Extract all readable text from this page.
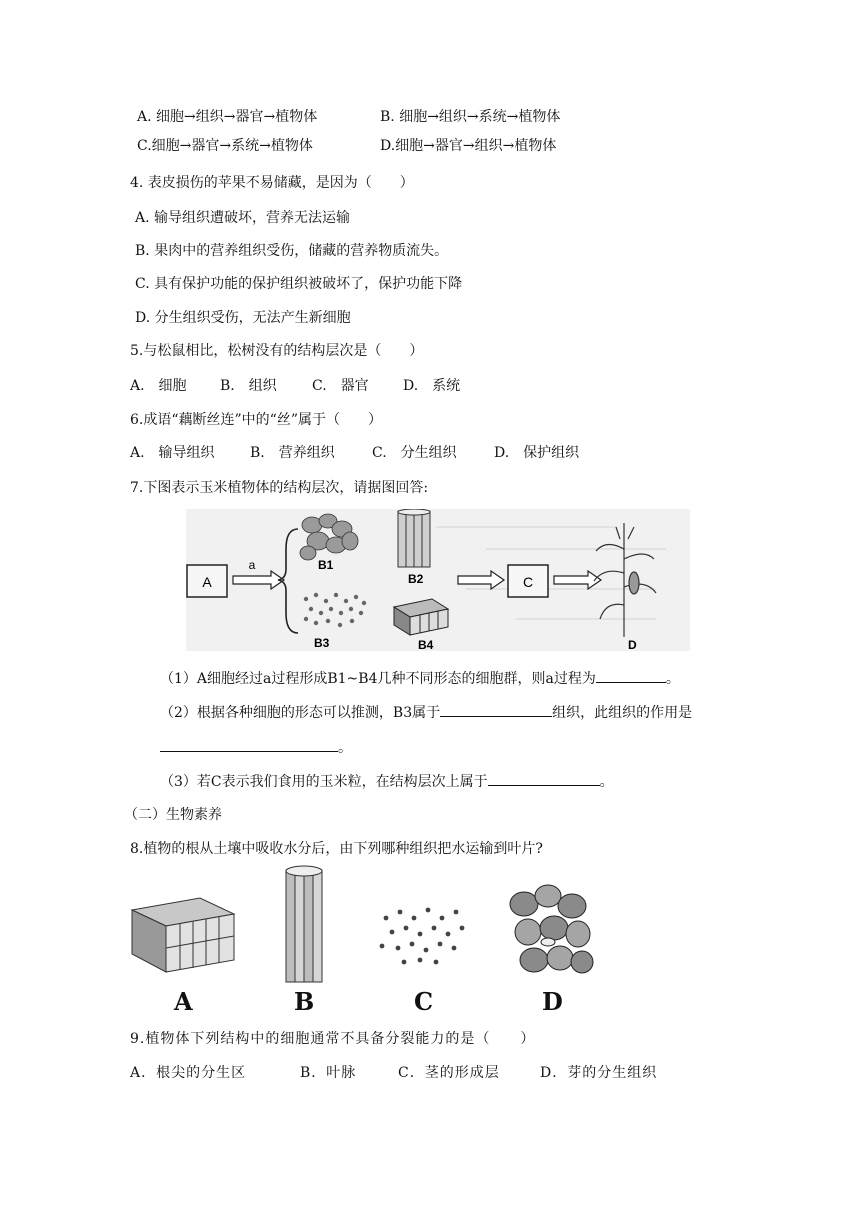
A. 细胞→组织→器官→植物体	B. 细胞→组织→系统→植物体
C.细胞→器官→系统→植物体	D.细胞→器官→组织→植物体
4. 表皮损伤的苹果不易储藏，是因为（　　）
A. 输导组织遭破坏，营养无法运输
B. 果肉中的营养组织受伤，储藏的营养物质流失。
C. 具有保护功能的保护组织被破坏了，保护功能下降
D. 分生组织受伤，无法产生新细胞
5.与松鼠相比，松树没有的结构层次是（　　）
A.　细胞 B.　组织	C.　器官 D.　系统
6.成语“藕断丝连”中的“丝”属于（　　）
A.　输导组织	B.　营养组织	C.　分生组织	D.　保护组织
7.下图表示玉米植物体的结构层次，请据图回答:
A
a	B1
B2
B3	B4
C
D
（1）A细胞经过a过程形成B1~B4几种不同形态的细胞群，则a过程为	。
（2）根据各种细胞的形态可以推测，B3属于	组织，此组织的作用是
。
（3）若C表示我们食用的玉米粒，在结构层次上属于	。
（二）生物素养
8.植物的根从土壤中吸收水分后，由下列哪种组织把水运输到叶片?
A	B	C	D
9.植物体下列结构中的细胞通常不具备分裂能力的是（　　）
A．根尖的分生区	B．叶脉	C．茎的形成层	D．芽的分生组织
